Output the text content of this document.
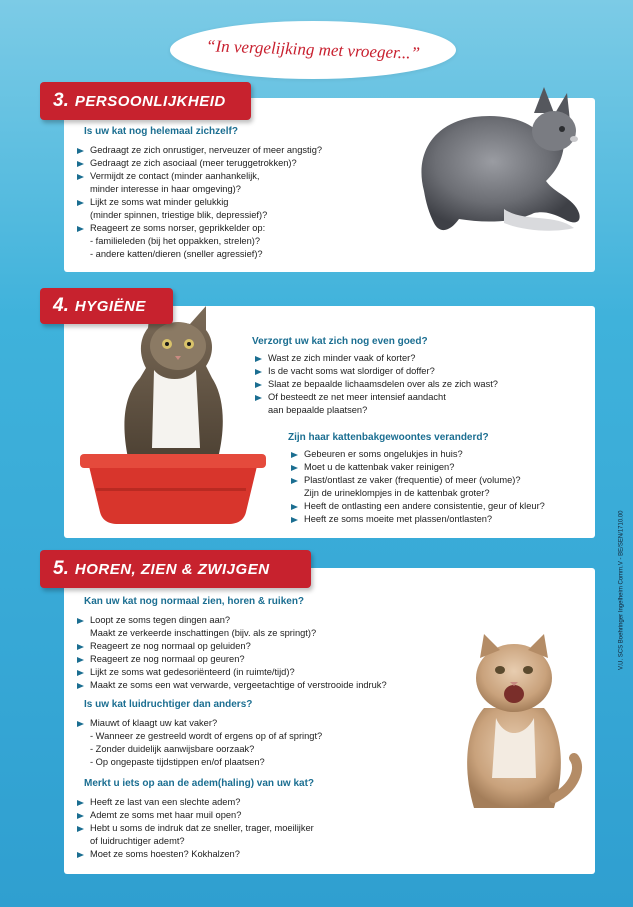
“In vergelijking met vroeger...”
Is uw kat nog helemaal zichzelf?
Gedraagt ze zich onrustiger, nerveuzer of meer angstig?
Gedraagt ze zich asociaal (meer teruggetrokken)?
Vermijdt ze contact (minder aanhankelijk,
minder interesse in haar omgeving)?
Lijkt ze soms wat minder gelukkig
(minder spinnen, triestige blik, depressief)?
Reageert ze soms norser, geprikkelder op:
- familieleden (bij het oppakken, strelen)?
- andere katten/dieren (sneller agressief)?
3. PERSOONLIJKHEID
Verzorgt uw kat zich nog even goed?
Wast ze zich minder vaak of korter?
Is de vacht soms wat slordiger of doffer?
Slaat ze bepaalde lichaamsdelen over als ze zich wast?
Of besteedt ze net meer intensief aandacht
aan bepaalde plaatsen?
Zijn haar kattenbakgewoontes veranderd?
Gebeuren er soms ongelukjes in huis?
Moet u de kattenbak vaker reinigen?
Plast/ontlast ze vaker (frequentie) of meer (volume)?
Zijn de urineklompjes in de kattenbak groter?
Heeft de ontlasting een andere consistentie, geur of kleur?
Heeft ze soms moeite met plassen/ontlasten?
4. HYGIËNE
Kan uw kat nog normaal zien, horen & ruiken?
Loopt ze soms tegen dingen aan?
Maakt ze verkeerde inschattingen (bijv. als ze springt)?
Reageert ze nog normaal op geluiden?
Reageert ze nog normaal op geuren?
Lijkt ze soms wat gedesoriënteerd (in ruimte/tijd)?
Maakt ze soms een wat verwarde, vergeetachtige of verstrooide indruk?
Is uw kat luidruchtiger dan anders?
Miauwt of klaagt uw kat vaker?
- Wanneer ze gestreeld wordt of ergens op of af springt?
- Zonder duidelijk aanwijsbare oorzaak?
- Op ongepaste tijdstippen en/of plaatsen?
Merkt u iets op aan de adem(haling) van uw kat?
Heeft ze last van een slechte adem?
Ademt ze soms met haar muil open?
Hebt u soms de indruk dat ze sneller, trager, moeilijker
of luidruchtiger ademt?
Moet ze soms hoesten? Kokhalzen?
5. HOREN, ZIEN & ZWIJGEN	V.U. SCS Boehringer Ingelheim Comm.V - BE/SEN/1710.00
